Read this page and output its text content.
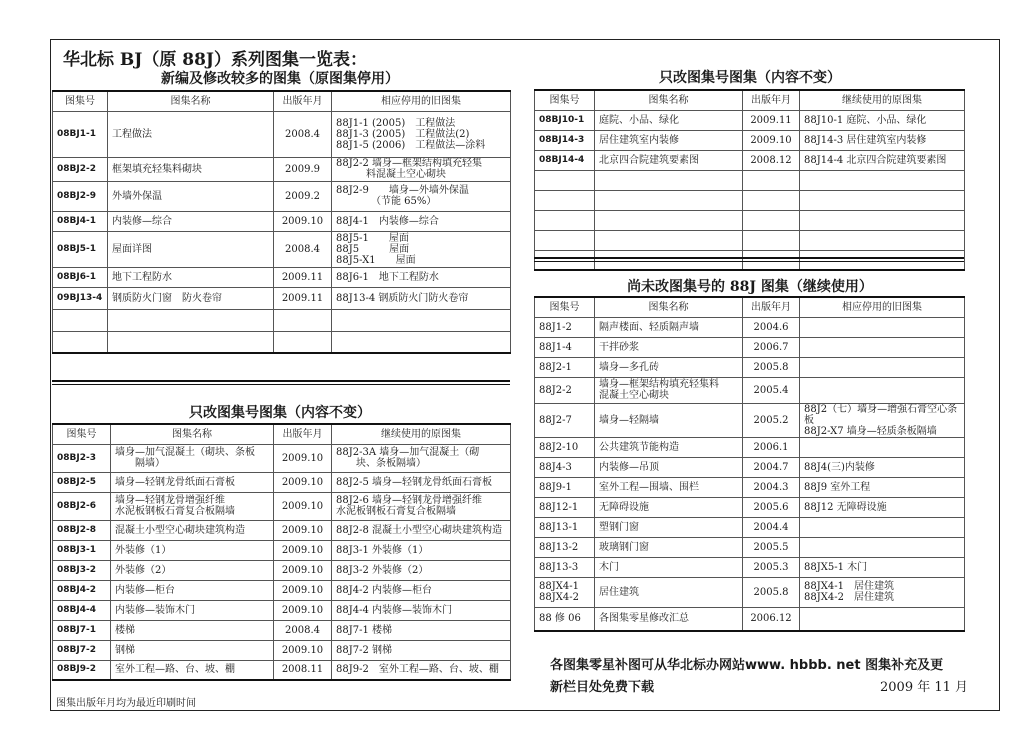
华北标 BJ（原 88J）系列图集一览表：
新编及修改较多的图集（原图集停用）
图集号	图集名称	出版年月	相应停用的旧图集
08BJ1-1	工程做法	2008.4	88J1-1 (2005)　工程做法
88J1-3 (2005)　工程做法(2)
88J1-5 (2006)　工程做法—涂料
08BJ2-2	框架填充轻集料砌块	2009.9	88J2-2 墙身—框架结构填充轻集
　　　料混凝土空心砌块
08BJ2-9	外墙外保温	2009.2	88J2-9　　墙身—外墙外保温
　　　　（节能 65%）
08BJ4-1	内装修—综合	2009.10	88J4-1　内装修—综合
08BJ5-1	屋面详图	2008.4	88J5-1　　屋面
88J5　　　屋面
88J5-X1　　屋面
08BJ6-1	地下工程防水	2009.11	88J6-1　地下工程防水
09BJ13-4	钢质防火门窗　防火卷帘	2009.11	88J13-4 钢质防火门防火卷帘

只改图集号图集（内容不变）
图集号	图集名称	出版年月	继续使用的原图集
08BJ2-3	墙身—加气混凝土（砌块、条板
　　隔墙）	2009.10	88J2-3A 墙身—加气混凝土（砌
　　块、条板隔墙）
08BJ2-5	墙身—轻钢龙骨纸面石膏板	2009.10	88J2-5 墙身—轻钢龙骨纸面石膏板
08BJ2-6	墙身—轻钢龙骨增强纤维
水泥板钢板石膏复合板隔墙	2009.10	88J2-6 墙身—轻钢龙骨增强纤维
水泥板钢板石膏复合板隔墙
08BJ2-8	混凝土小型空心砌块建筑构造	2009.10	88J2-8 混凝土小型空心砌块建筑构造
08BJ3-1	外装修（1）	2009.10	88J3-1 外装修（1）
08BJ3-2	外装修（2）	2009.10	88J3-2 外装修（2）
08BJ4-2	内装修—柜台	2009.10	88J4-2 内装修—柜台
08BJ4-4	内装修—装饰木门	2009.10	88J4-4 内装修—装饰木门
08BJ7-1	楼梯	2008.4	88J7-1 楼梯
08BJ7-2	钢梯	2009.10	88J7-2 钢梯
08BJ9-2	室外工程—路、台、坡、棚	2008.11	88J9-2　室外工程—路、台、坡、棚
只改图集号图集（内容不变）
图集号	图集名称	出版年月	继续使用的原图集
08BJ10-1	庭院、小品、绿化	2009.11	88J10-1 庭院、小品、绿化
08BJ14-3	居住建筑室内装修	2009.10	88J14-3 居住建筑室内装修
08BJ14-4	北京四合院建筑要素图	2008.12	88J14-4 北京四合院建筑要素图

尚未改图集号的 88J 图集（继续使用）
图集号	图集名称	出版年月	相应停用的旧图集
88J1-2	隔声楼面、轻质隔声墙	2004.6	
88J1-4	干拌砂浆	2006.7	
88J2-1	墙身—多孔砖	2005.8	
88J2-2	墙身—框架结构填充轻集料
混凝土空心砌块	2005.4	
88J2-7	墙身—轻隔墙	2005.2	88J2（七）墙身—增强石膏空心条板
88J2-X7 墙身—轻质条板隔墙
88J2-10	公共建筑节能构造	2006.1	
88J4-3	内装修—吊顶	2004.7	88J4(三)内装修
88J9-1	室外工程—围墙、围栏	2004.3	88J9 室外工程
88J12-1	无障碍设施	2005.6	88J12 无障碍设施
88J13-1	塑钢门窗	2004.4	
88J13-2	玻璃钢门窗	2005.5	
88J13-3	木门	2005.3	88JX5-1 木门
88JX4-1
88JX4-2	居住建筑	2005.8	88JX4-1　居住建筑
88JX4-2　居住建筑
88 修 06	各图集零星修改汇总	2006.12	
各图集零星补图可从华北标办网站www. hbbb. net 图集补充及更
新栏目处免费下载	2009 年 11 月
图集出版年月均为最近印刷时间
